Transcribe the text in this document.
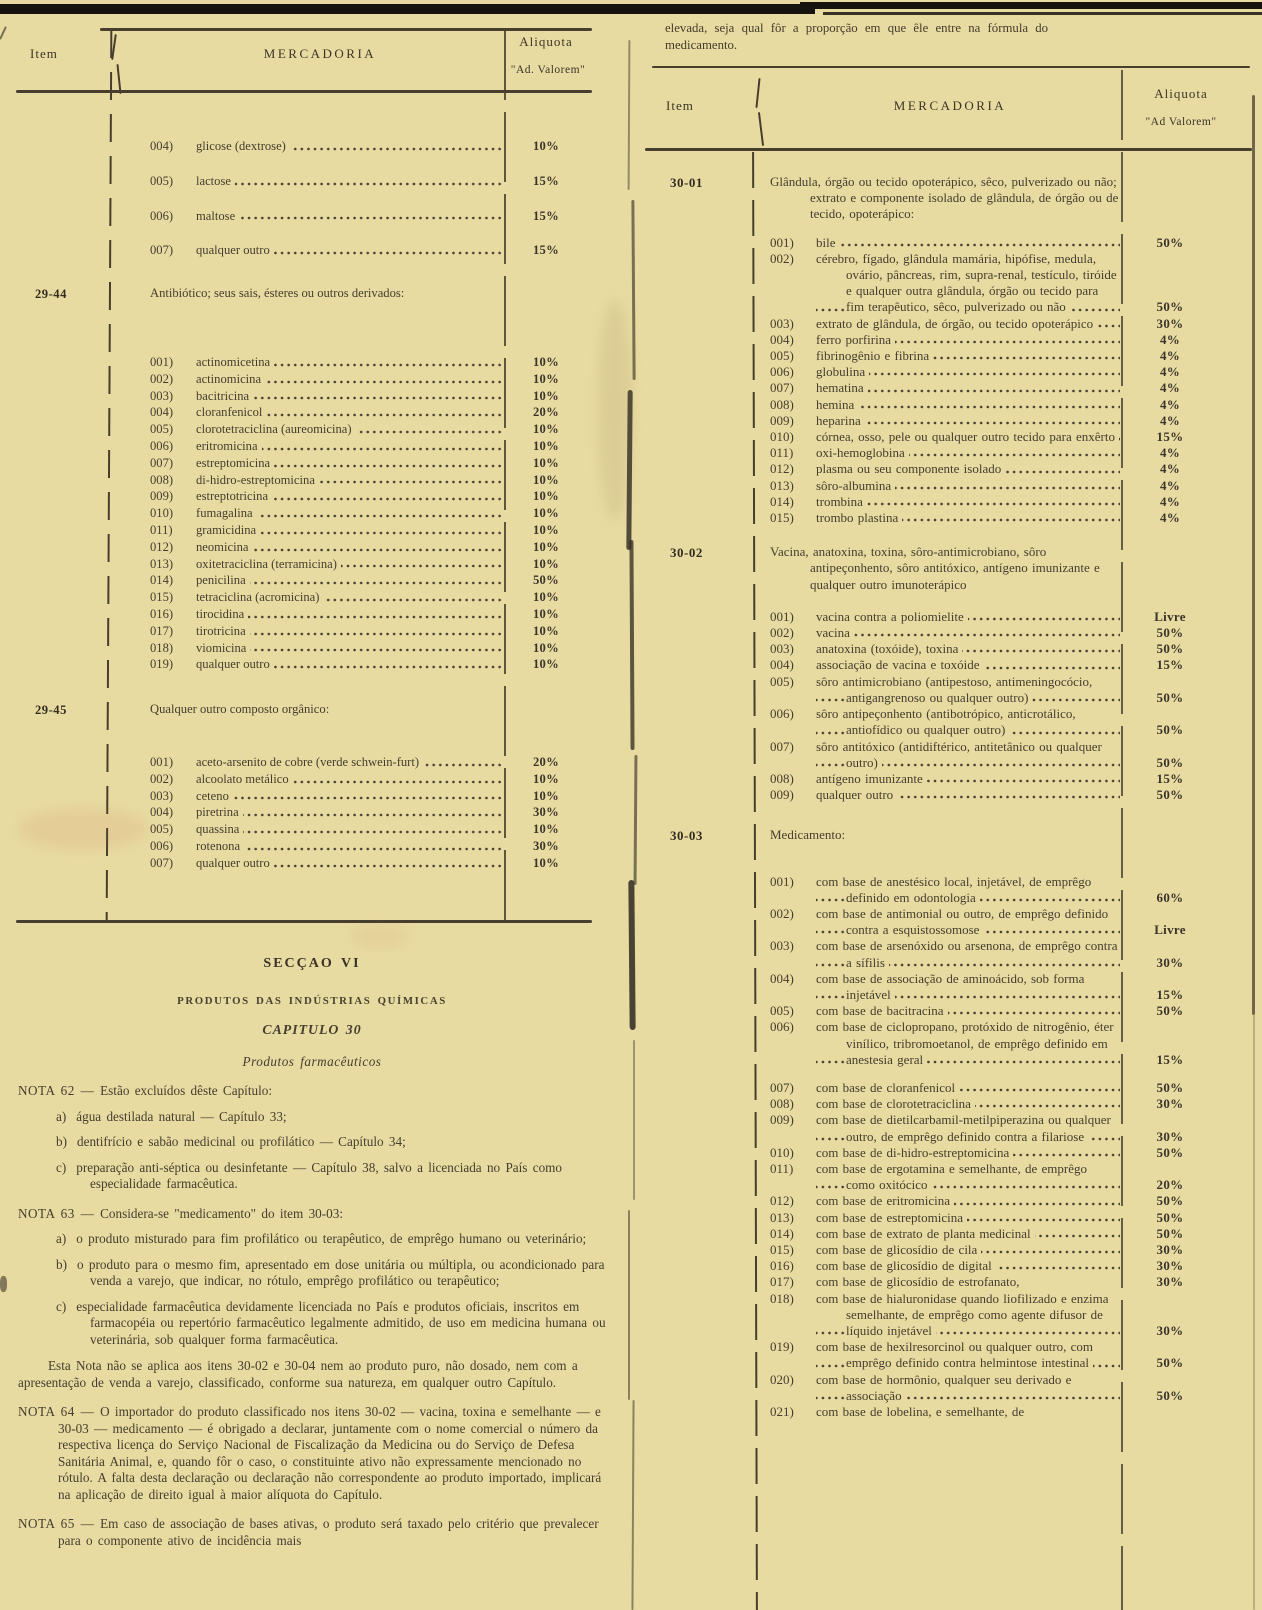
Item	MERCADORIA
Aliquota
"Ad. Valorem"
004)	glicose (dextrose)	10%
005)	lactose	15%
006)	maltose	15%
007)	qualquer outro	15%
29-44	Antibiótico; seus sais, ésteres ou outros derivados:
001)	actinomicetina	10%
002)	actinomicina	10%
003)	bacitricina	10%
004)	cloranfenicol	20%
005)	clorotetraciclina (aureomicina)	10%
006)	eritromicina	10%
007)	estreptomicina	10%
008)	di-hidro-estreptomicina	10%
009)	estreptotricina	10%
010)	fumagalina	10%
011)	gramicidina	10%
012)	neomicina	10%
013)	oxitetraciclina (terramicina)	10%
014)	penicilina	50%
015)	tetraciclina (acromicina)	10%
016)	tirocidina	10%
017)	tirotricina	10%
018)	viomicina	10%
019)	qualquer outro	10%
29-45	Qualquer outro composto orgânico:
001)	aceto-arsenito de cobre (verde schwein-furt)	20%
002)	alcoolato metálico	10%
003)	ceteno	10%
004)	piretrina	30%
005)	quassina	10%
006)	rotenona	30%
007)	qualquer outro	10%
SECÇAO VI
PRODUTOS DAS INDÚSTRIAS QUÍMICAS
CAPITULO 30
Produtos farmacêuticos

NOTA 62 — Estão excluídos dêste Capítulo:

a) água destilada natural — Capítulo 33;

b) dentifrício e sabão medicinal ou profilático — Capítulo 34;

c) preparação anti-séptica ou desinfetante — Capítulo 38, salvo a licenciada no País como especialidade farmacêutica.

NOTA 63 — Considera-se "medicamento" do item 30-03:

a) o produto misturado para fim profilático ou terapêutico, de emprêgo humano ou veterinário;

b) o produto para o mesmo fim, apresentado em dose unitária ou múltipla, ou acondicionado para venda a varejo, que indicar, no rótulo, emprêgo profilático ou terapêutico;

c) especialidade farmacêutica devidamente licenciada no País e produtos oficiais, inscritos em farmacopéia ou repertório farmacêutico legalmente admitido, de uso em medicina humana ou veterinária, sob qualquer forma farmacêutica.

Esta Nota não se aplica aos itens 30-02 e 30-04 nem ao produto puro, não dosado, nem com a apresentação de venda a varejo, classificado, conforme sua natureza, em qualquer outro Capítulo.

NOTA 64 — O importador do produto classificado nos itens 30-02 — vacina, toxina e semelhante — e 30-03 — medicamento — é obrigado a declarar, juntamente com o nome comercial o número da respectiva licença do Serviço Nacional de Fiscalização da Medicina ou do Serviço de Defesa Sanitária Animal, e, quando fôr o caso, o constituinte ativo não expressamente mencionado no rótulo. A falta desta declaração ou declaração não correspondente ao produto importado, implicará na aplicação de direito igual à maior alíquota do Capítulo.

NOTA 65 — Em caso de associação de bases ativas, o produto será taxado pelo critério que prevalecer para o componente ativo de incidência mais

elevada, seja qual fôr a proporção em que êle entre na fórmula do
medicamento.
Item	MERCADORIA
Aliquota
"Ad Valorem"
30-01	Glândula, órgão ou tecido opoterápico, sêco, pulverizado ou não; extrato e componente isolado de glândula, de órgão ou de tecido, opoterápico:
001)	bile	50%
002)	cérebro, fígado, glândula mamária, hipófise, medula, ovário, pâncreas, rim, supra-renal, testículo, tiróide e qualquer outra glândula, órgão ou tecido para fim terapêutico, sêco, pulverizado ou não	50%
003)	extrato de glândula, de órgão, ou tecido opoterápico	30%
004)	ferro porfirina	4%
005)	fibrinogênio e fibrina	4%
006)	globulina	4%
007)	hematina	4%
008)	hemina	4%
009)	heparina	4%
010)	córnea, osso, pele ou qualquer outro tecido para enxêrto	15%
011)	oxi-hemoglobina	4%
012)	plasma ou seu componente isolado	4%
013)	sôro-albumina	4%
014)	trombina	4%
015)	trombo plastina	4%
30-02	Vacina, anatoxina, toxina, sôro-antimicrobiano, sôro antipeçonhento, sôro antitóxico, antígeno imunizante e qualquer outro imunoterápico
001)	vacina contra a poliomielite	Livre
002)	vacina	50%
003)	anatoxina (toxóide), toxina	50%
004)	associação de vacina e toxóide	15%
005)	sôro antimicrobiano (antipestoso, antimeningocócio, antigangrenoso ou qualquer outro)	50%
006)	sôro antipeçonhento (antibotrópico, anticrotálico, antiofídico ou qualquer outro)	50%
007)	sôro antitóxico (antidiftérico, antitetânico ou qualquer outro)	50%
008)	antígeno imunizante	15%
009)	qualquer outro	50%
30-03	Medicamento:
001)	com base de anestésico local, injetável, de emprêgo definido em odontologia	60%
002)	com base de antimonial ou outro, de emprêgo definido contra a esquistossomose	Livre
003)	com base de arsenóxido ou arsenona, de emprêgo contra a sífilis	30%
004)	com base de associação de aminoácido, sob forma injetável	15%
005)	com base de bacitracina	50%
006)	com base de ciclopropano, protóxido de nitrogênio, éter vinílico, tribromoetanol, de emprêgo definido em anestesia geral	15%
007)	com base de cloranfenicol	50%
008)	com base de clorotetraciclina	30%
009)	com base de dietilcarbamil-metilpiperazina ou qualquer outro, de emprêgo definido contra a filariose	30%
010)	com base de di-hidro-estreptomicina	50%
011)	com base de ergotamina e semelhante, de emprêgo como oxitócico	20%
012)	com base de eritromicina	50%
013)	com base de estreptomicina	50%
014)	com base de extrato de planta medicinal	50%
015)	com base de glicosídio de cila	30%
016)	com base de glicosídio de digital	30%
017)	com base de glicosídio de estrofanato,	30%
018)	com base de hialuronidase quando liofilizado e enzima semelhante, de emprêgo como agente difusor de líquido injetável	30%
019)	com base de hexilresorcinol ou qualquer outro, com emprêgo definido contra helmintose intestinal	50%
020)	com base de hormônio, qualquer seu derivado e associação	50%
021)	com base de lobelina, e semelhante, de
